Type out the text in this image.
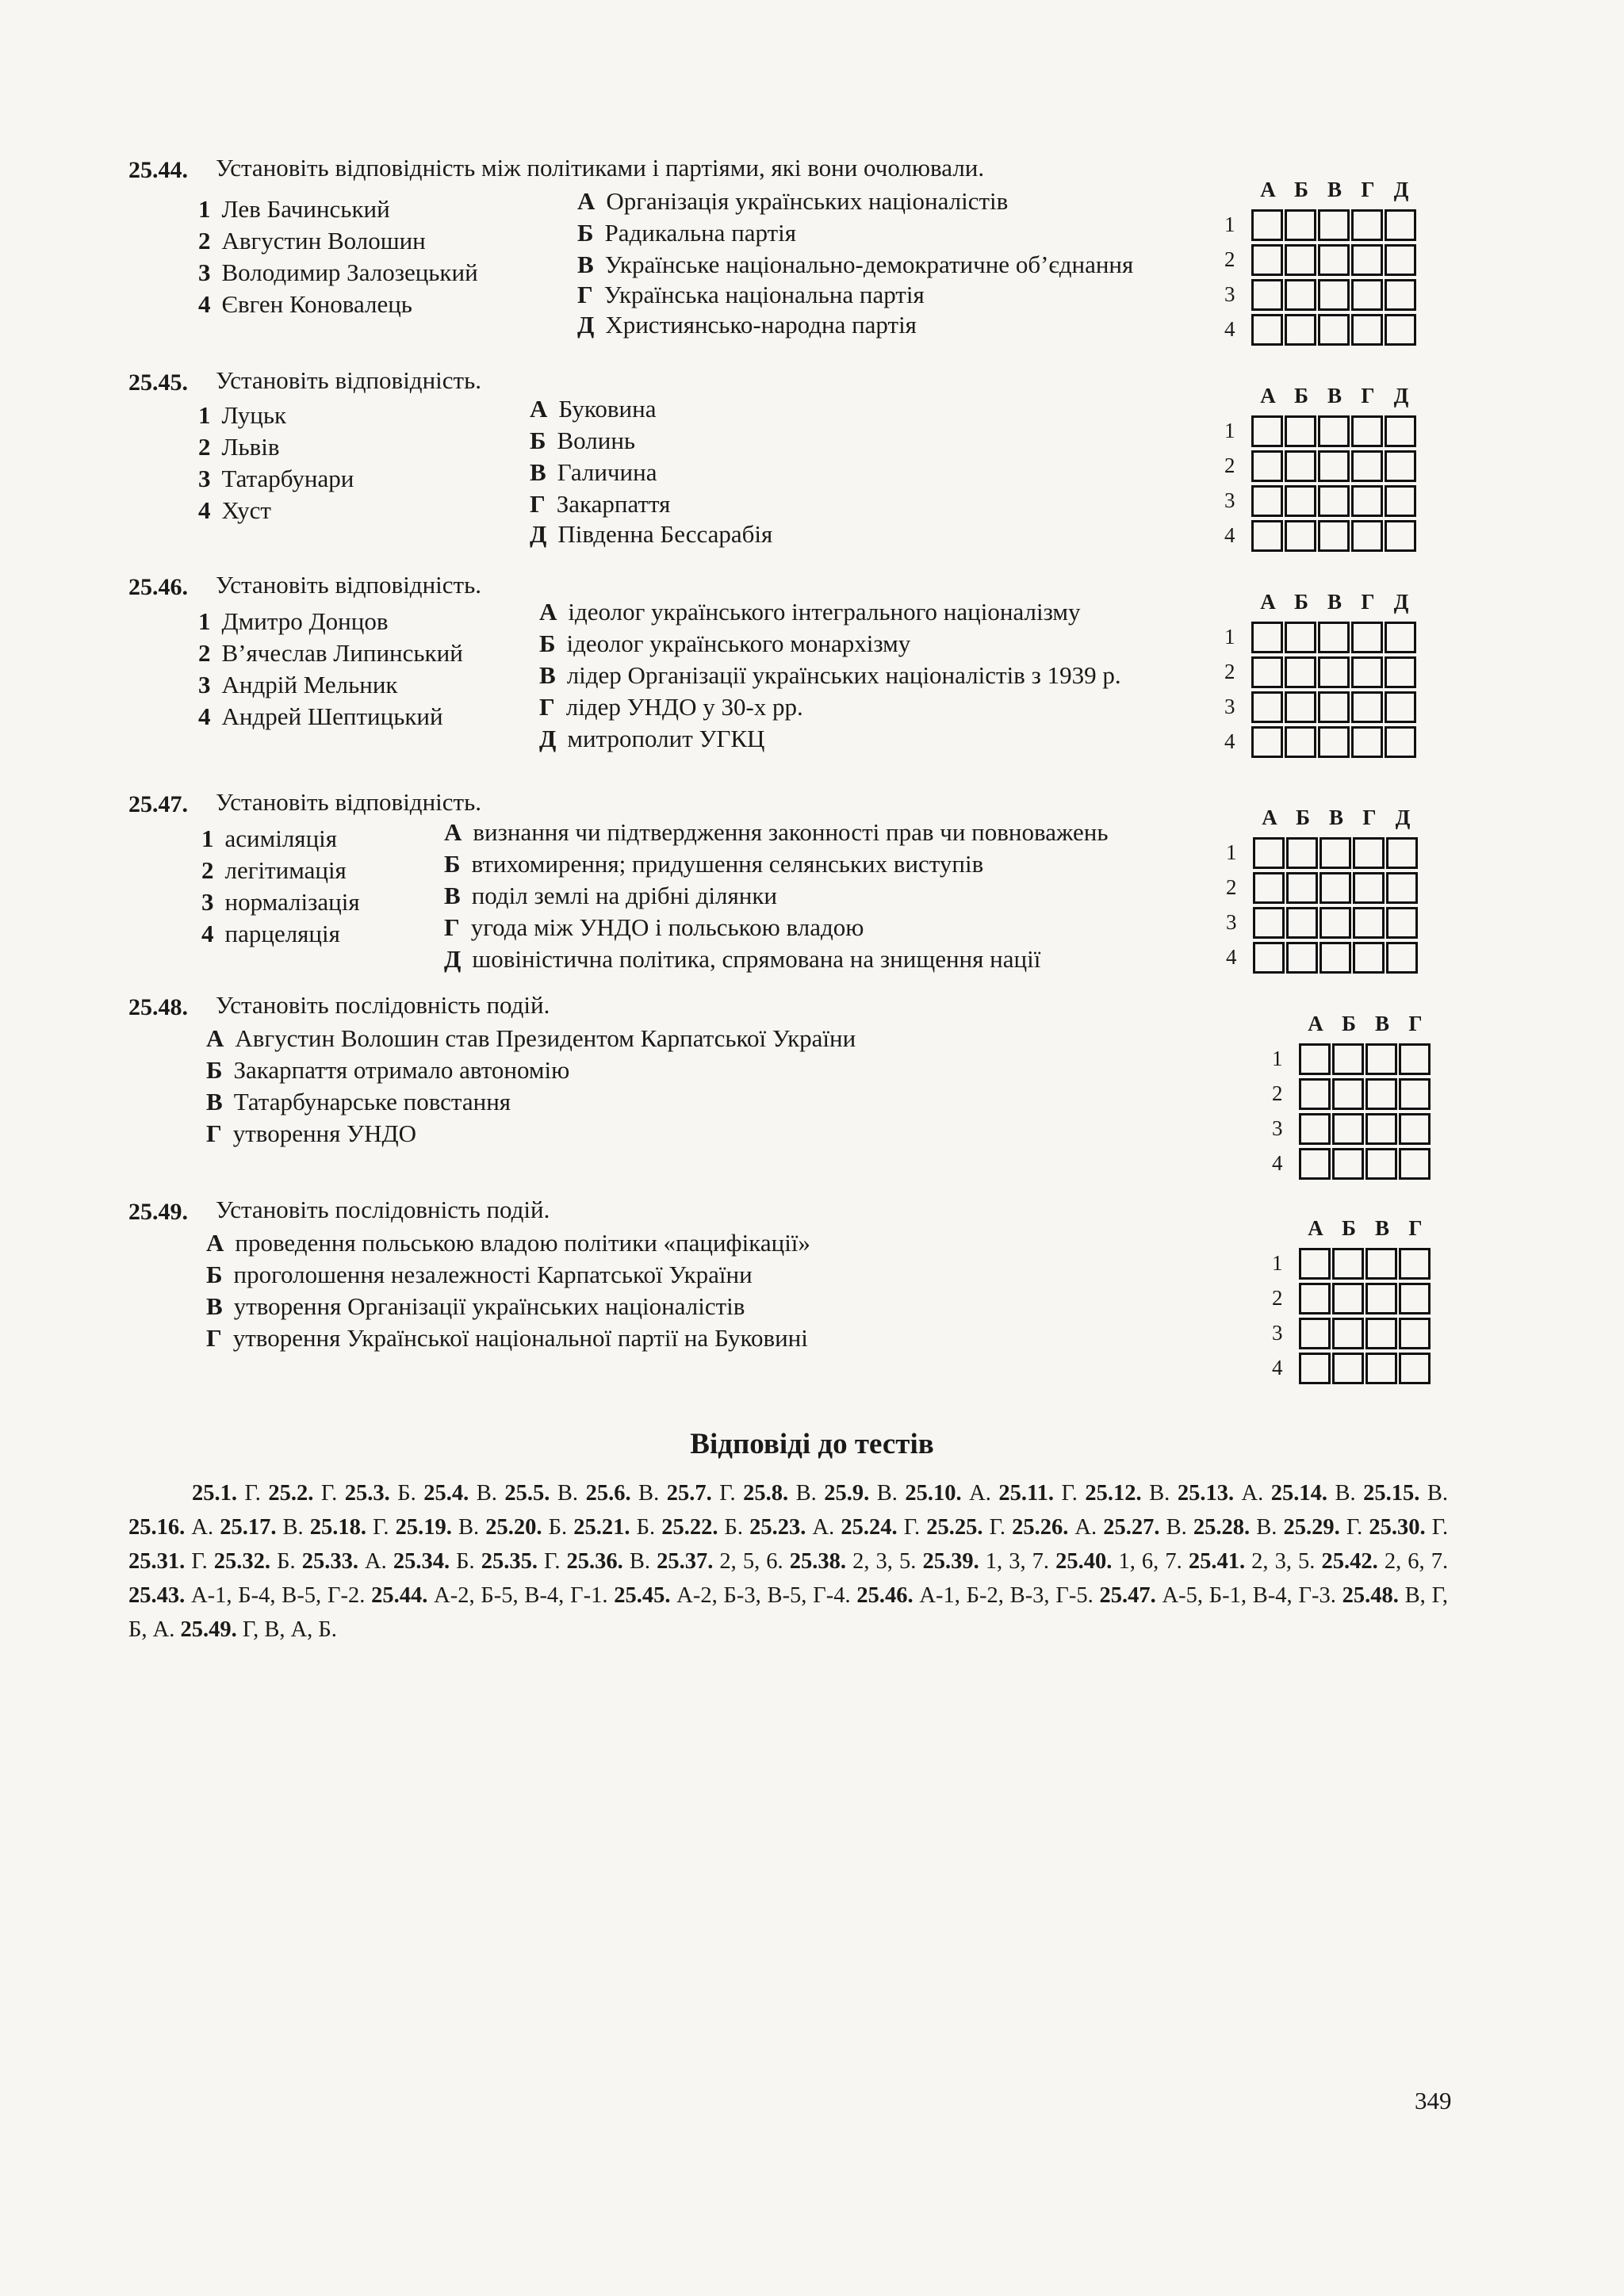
25.44. Установіть відповідність між політиками і партіями, які вони очолювали.
1 Лев Бачинський
2 Августин Волошин
3 Володимир Залозецький
4 Євген Коновалець
А Організація українських націоналістів
Б Радикальна партія
В Українське національно-демократичне об’єднання
Г Українська національна партія
Д Християнсько-народна партія
А Б В Г Д
1
2
3
4
25.45. Установіть відповідність.
1 Луцьк
2 Львів
3 Татарбунари
4 Хуст
А Буковина
Б Волинь
В Галичина
Г Закарпаття
Д Південна Бессарабія
А Б В Г Д
1
2
3
4
25.46. Установіть відповідність.
1 Дмитро Донцов
2 В’ячеслав Липинський
3 Андрій Мельник
4 Андрей Шептицький
А ідеолог українського інтегрального націоналізму
Б ідеолог українського монархізму
В лідер Організації українських націоналістів з 1939 р.
Г лідер УНДО у 30-х рр.
Д митрополит УГКЦ
А Б В Г Д
1
2
3
4
25.47. Установіть відповідність.
1 асиміляція
2 легітимація
3 нормалізація
4 парцеляція
А визнання чи підтвердження законності прав чи повноважень
Б втихомирення; придушення селянських виступів
В поділ землі на дрібні ділянки
Г угода між УНДО і польською владою
Д шовіністична політика, спрямована на знищення нації
А Б В Г Д
1
2
3
4
25.48. Установіть послідовність подій.
А Августин Волошин став Президентом Карпатської України
Б Закарпаття отримало автономію
В Татарбунарське повстання
Г утворення УНДО
А Б В Г
1
2
3
4
25.49. Установіть послідовність подій.
А проведення польською владою політики «пацифікації»
Б проголошення незалежності Карпатської України
В утворення Організації українських націоналістів
Г утворення Української національної партії на Буковині
А Б В Г
1
2
3
4
Відповіді до тестів
25.1. Г. 25.2. Г. 25.3. Б. 25.4. В. 25.5. В. 25.6. В. 25.7. Г. 25.8. В. 25.9. В. 25.10. А. 25.11. Г. 25.12. В. 25.13. А. 25.14. В. 25.15. В. 25.16. А. 25.17. В. 25.18. Г. 25.19. В. 25.20. Б. 25.21. Б. 25.22. Б. 25.23. А. 25.24. Г. 25.25. Г. 25.26. А. 25.27. В. 25.28. В. 25.29. Г. 25.30. Г. 25.31. Г. 25.32. Б. 25.33. А. 25.34. Б. 25.35. Г. 25.36. В. 25.37. 2, 5, 6. 25.38. 2, 3, 5. 25.39. 1, 3, 7. 25.40. 1, 6, 7. 25.41. 2, 3, 5. 25.42. 2, 6, 7. 25.43. А-1, Б-4, В-5, Г-2. 25.44. А-2, Б-5, В-4, Г-1. 25.45. А-2, Б-3, В-5, Г-4. 25.46. А-1, Б-2, В-3, Г-5. 25.47. А-5, Б-1, В-4, Г-3. 25.48. В, Г, Б, А. 25.49. Г, В, А, Б.
349
